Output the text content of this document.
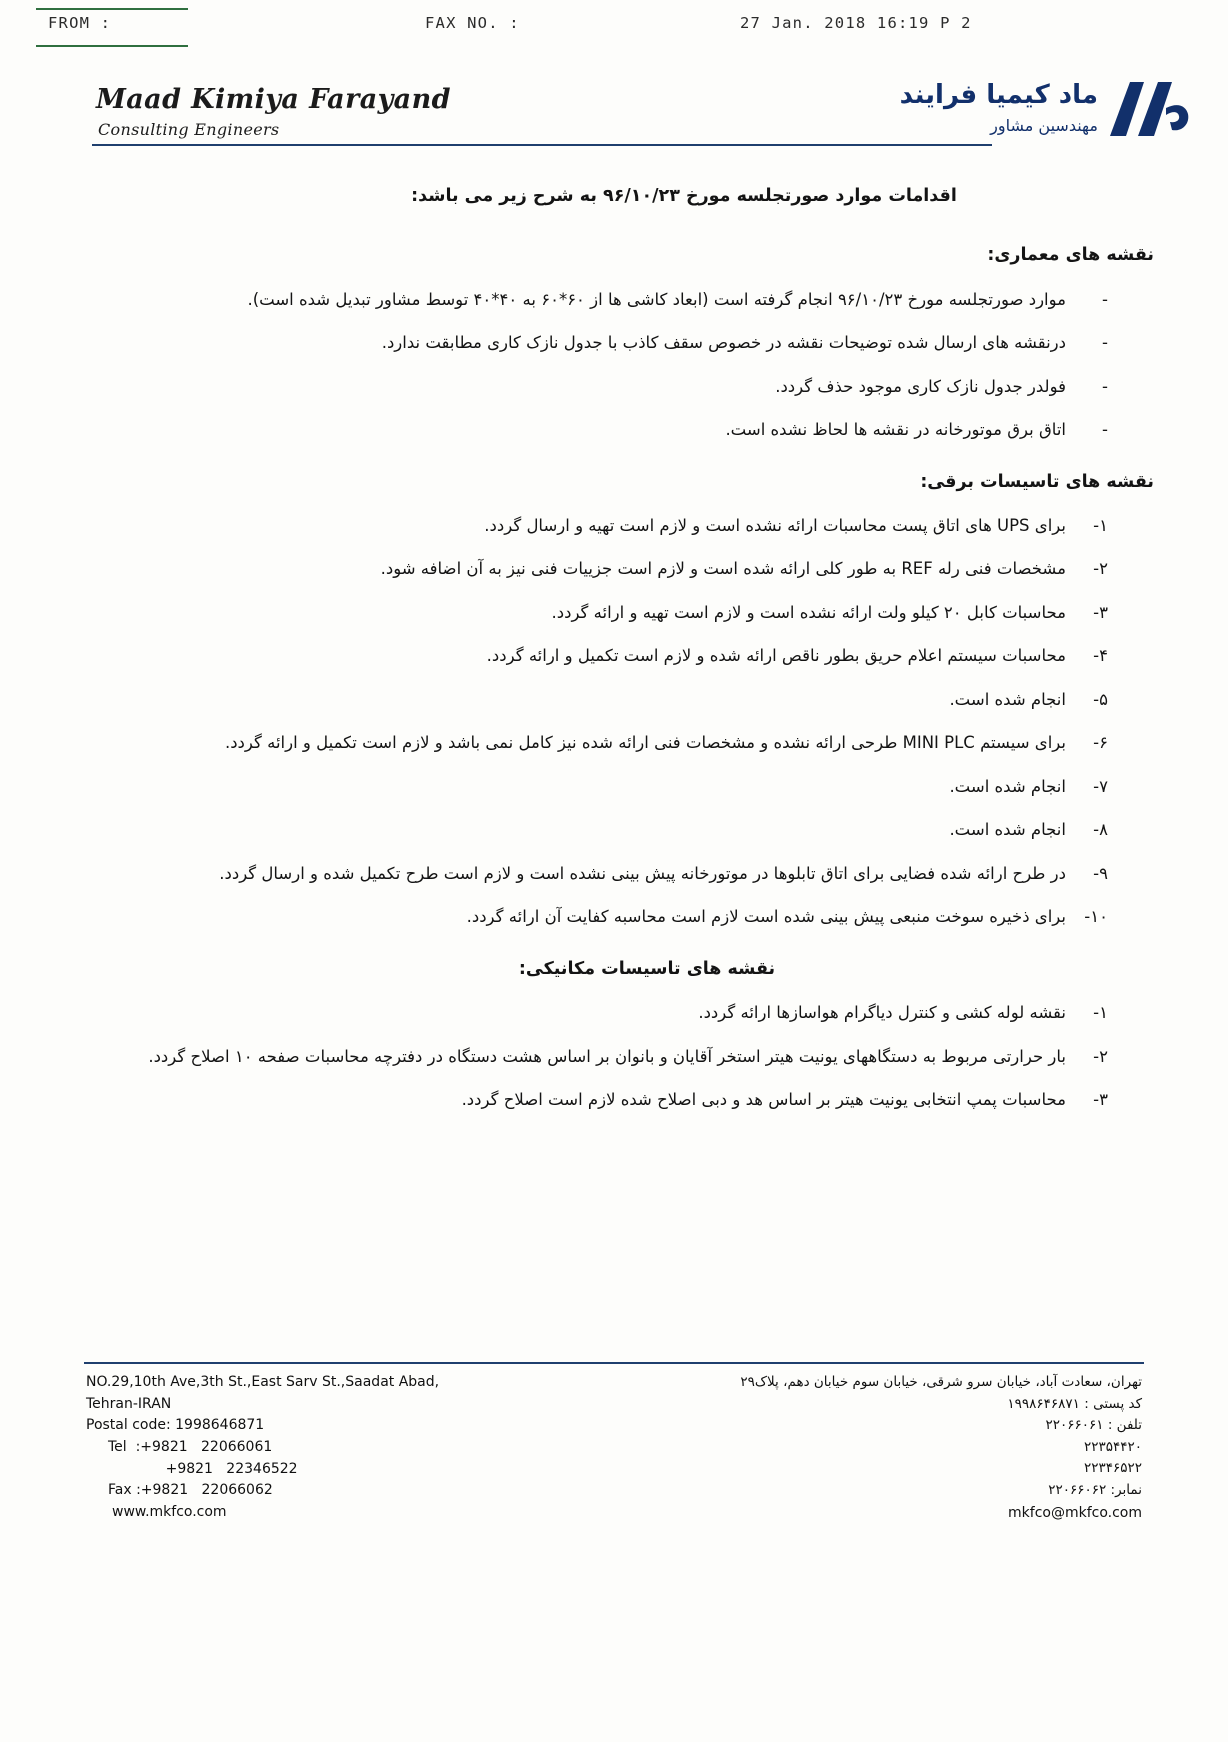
FROM :	FAX NO. :	27 Jan. 2018 16:19 P 2
Maad Kimiya Farayand
Consulting Engineers
ماد کیمیا فرایند
مهندسین مشاور
اقدامات موارد صورتجلسه مورخ ۹۶/۱۰/۲۳ به شرح زیر می باشد:
نقشه های معماری:
-
موارد صورتجلسه مورخ ۹۶/۱۰/۲۳ انجام گرفته است (ابعاد کاشی ها از ۶۰*۶۰ به ۴۰*۴۰ توسط مشاور تبدیل شده است).
-
درنقشه های ارسال شده توضیحات نقشه در خصوص سقف کاذب با جدول نازک کاری مطابقت ندارد.
-
فولدر جدول نازک کاری موجود حذف گردد.
-
اتاق برق موتورخانه در نقشه ها لحاظ نشده است.
نقشه های تاسیسات برقی:
۱-
برای UPS های اتاق پست محاسبات ارائه نشده است و لازم است تهیه و ارسال گردد.
۲-
مشخصات فنی رله REF به طور کلی ارائه شده است و لازم است جزییات فنی نیز به آن اضافه شود.
۳-
محاسبات کابل ۲۰ کیلو ولت ارائه نشده است و لازم است تهیه و ارائه گردد.
۴-
محاسبات سیستم اعلام حریق بطور ناقص ارائه شده و لازم است تکمیل و ارائه گردد.
۵-
انجام شده است.
۶-
برای سیستم MINI PLC طرحی ارائه نشده و مشخصات فنی ارائه شده نیز کامل نمی باشد و لازم است تکمیل و ارائه گردد.
۷-
انجام شده است.
۸-
انجام شده است.
۹-
در طرح ارائه شده فضایی برای اتاق تابلوها در موتورخانه پیش بینی نشده است و لازم است طرح تکمیل شده و ارسال گردد.
۱۰-
برای ذخیره سوخت منبعی پیش بینی شده است لازم است محاسبه کفایت آن ارائه گردد.
نقشه های تاسیسات مکانیکی:
۱-
نقشه لوله کشی و کنترل دیاگرام هواسازها ارائه گردد.
۲-
بار حرارتی مربوط به دستگاههای یونیت هیتر استخر آقایان و بانوان بر اساس هشت دستگاه در دفترچه محاسبات صفحه ۱۰ اصلاح گردد.
۳-
محاسبات پمپ انتخابی یونیت هیتر بر اساس هد و دبی اصلاح شده لازم است اصلاح گردد.
NO.29,10th Ave,3th St.,East Sarv St.,Saadat Abad,
Tehran-IRAN
Postal code: 1998646871
Tel  :+9821   22066061
+9821   22346522
Fax :+9821   22066062
www.mkfco.com
تهران، سعادت آباد، خیابان سرو شرقی، خیابان سوم خیابان دهم، پلاک۲۹
کد پستی : ۱۹۹۸۶۴۶۸۷۱
تلفن : ۲۲۰۶۶۰۶۱
۲۲۳۵۴۴۲۰
۲۲۳۴۶۵۲۲
نمابر: ۲۲۰۶۶۰۶۲
mkfco@mkfco.com
